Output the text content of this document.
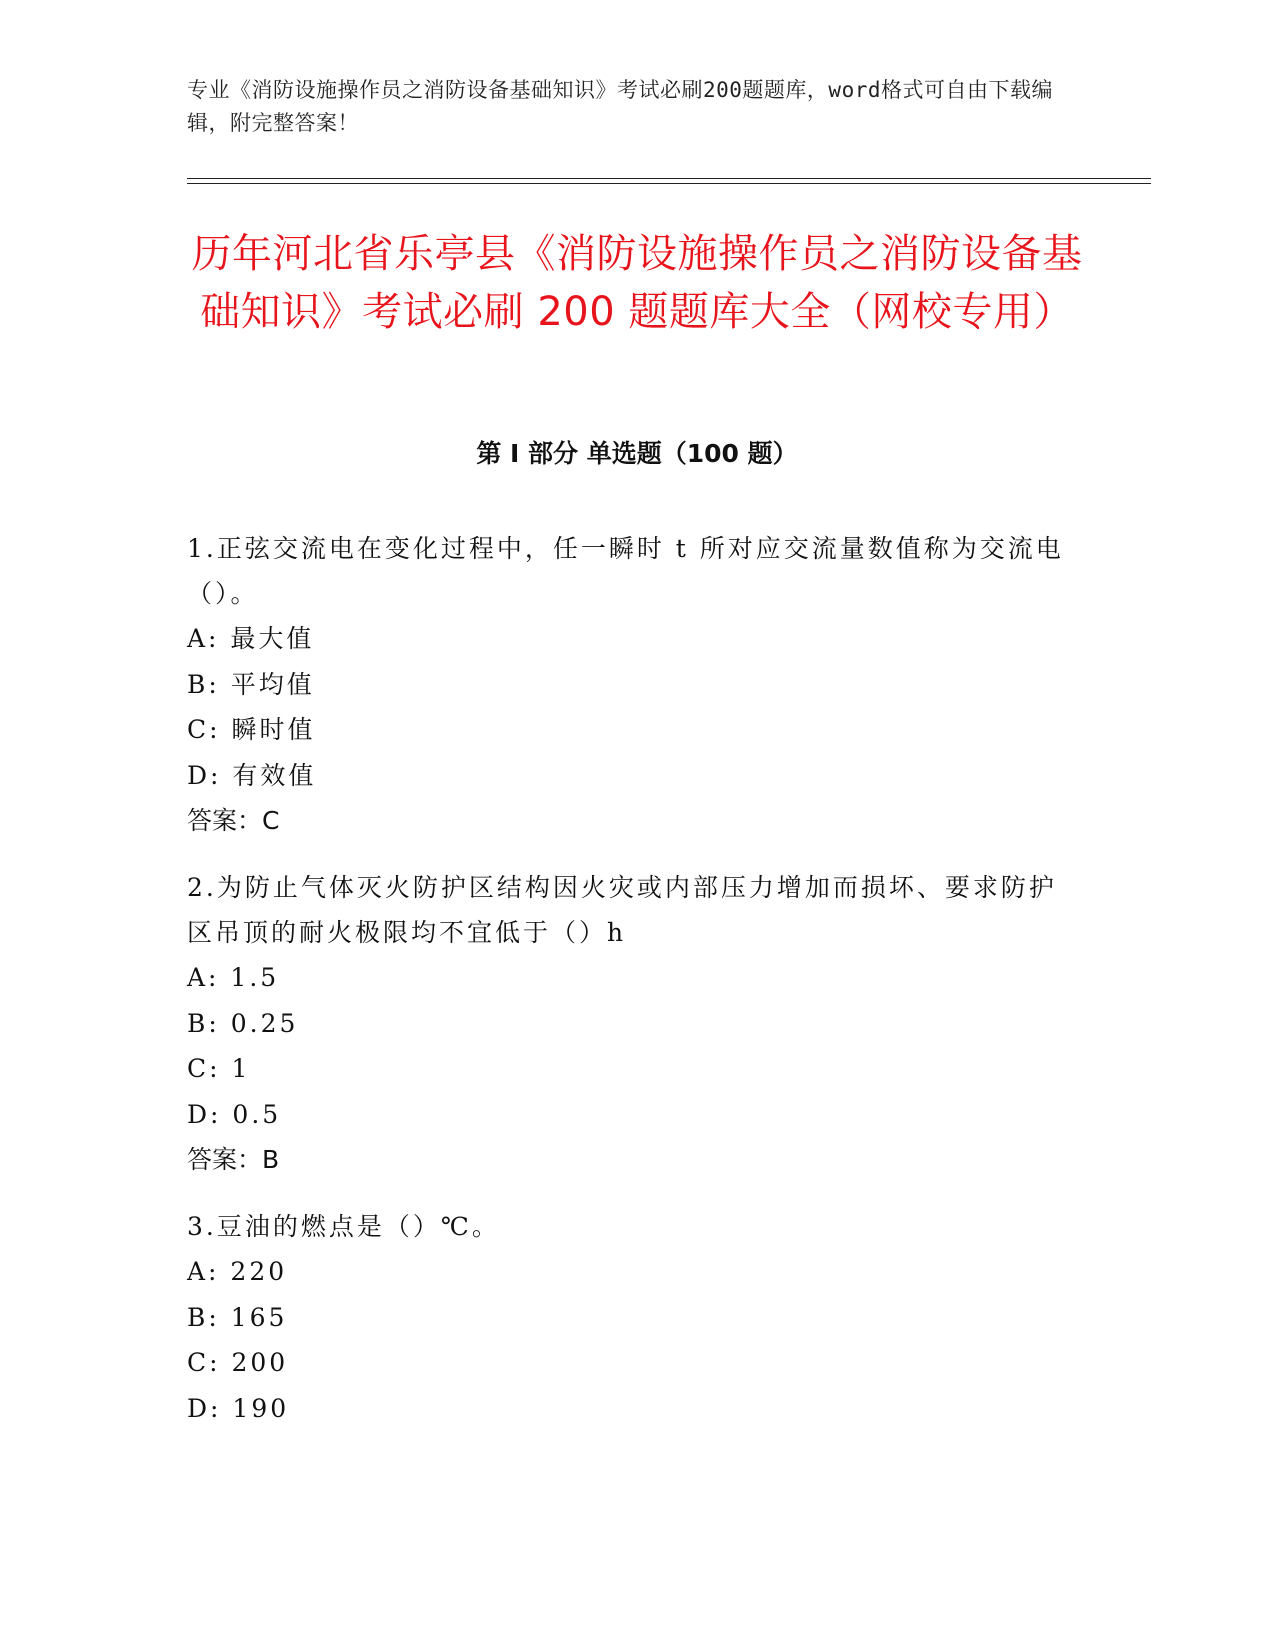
专业《消防设施操作员之消防设备基础知识》考试必刷200题题库，word格式可自由下载编辑，附完整答案！
历年河北省乐亭县《消防设施操作员之消防设备基础知识》考试必刷 200 题题库大全（网校专用）
第 I 部分 单选题（100 题）
1.正弦交流电在变化过程中，任一瞬时 t 所对应交流量数值称为交流电（）。
A: 最大值
B: 平均值
C: 瞬时值
D: 有效值
答案：C
2.为防止气体灭火防护区结构因火灾或内部压力增加而损坏、要求防护区吊顶的耐火极限均不宜低于（）h
A: 1.5
B: 0.25
C: 1
D: 0.5
答案：B
3.豆油的燃点是（）℃。
A: 220
B: 165
C: 200
D: 190
